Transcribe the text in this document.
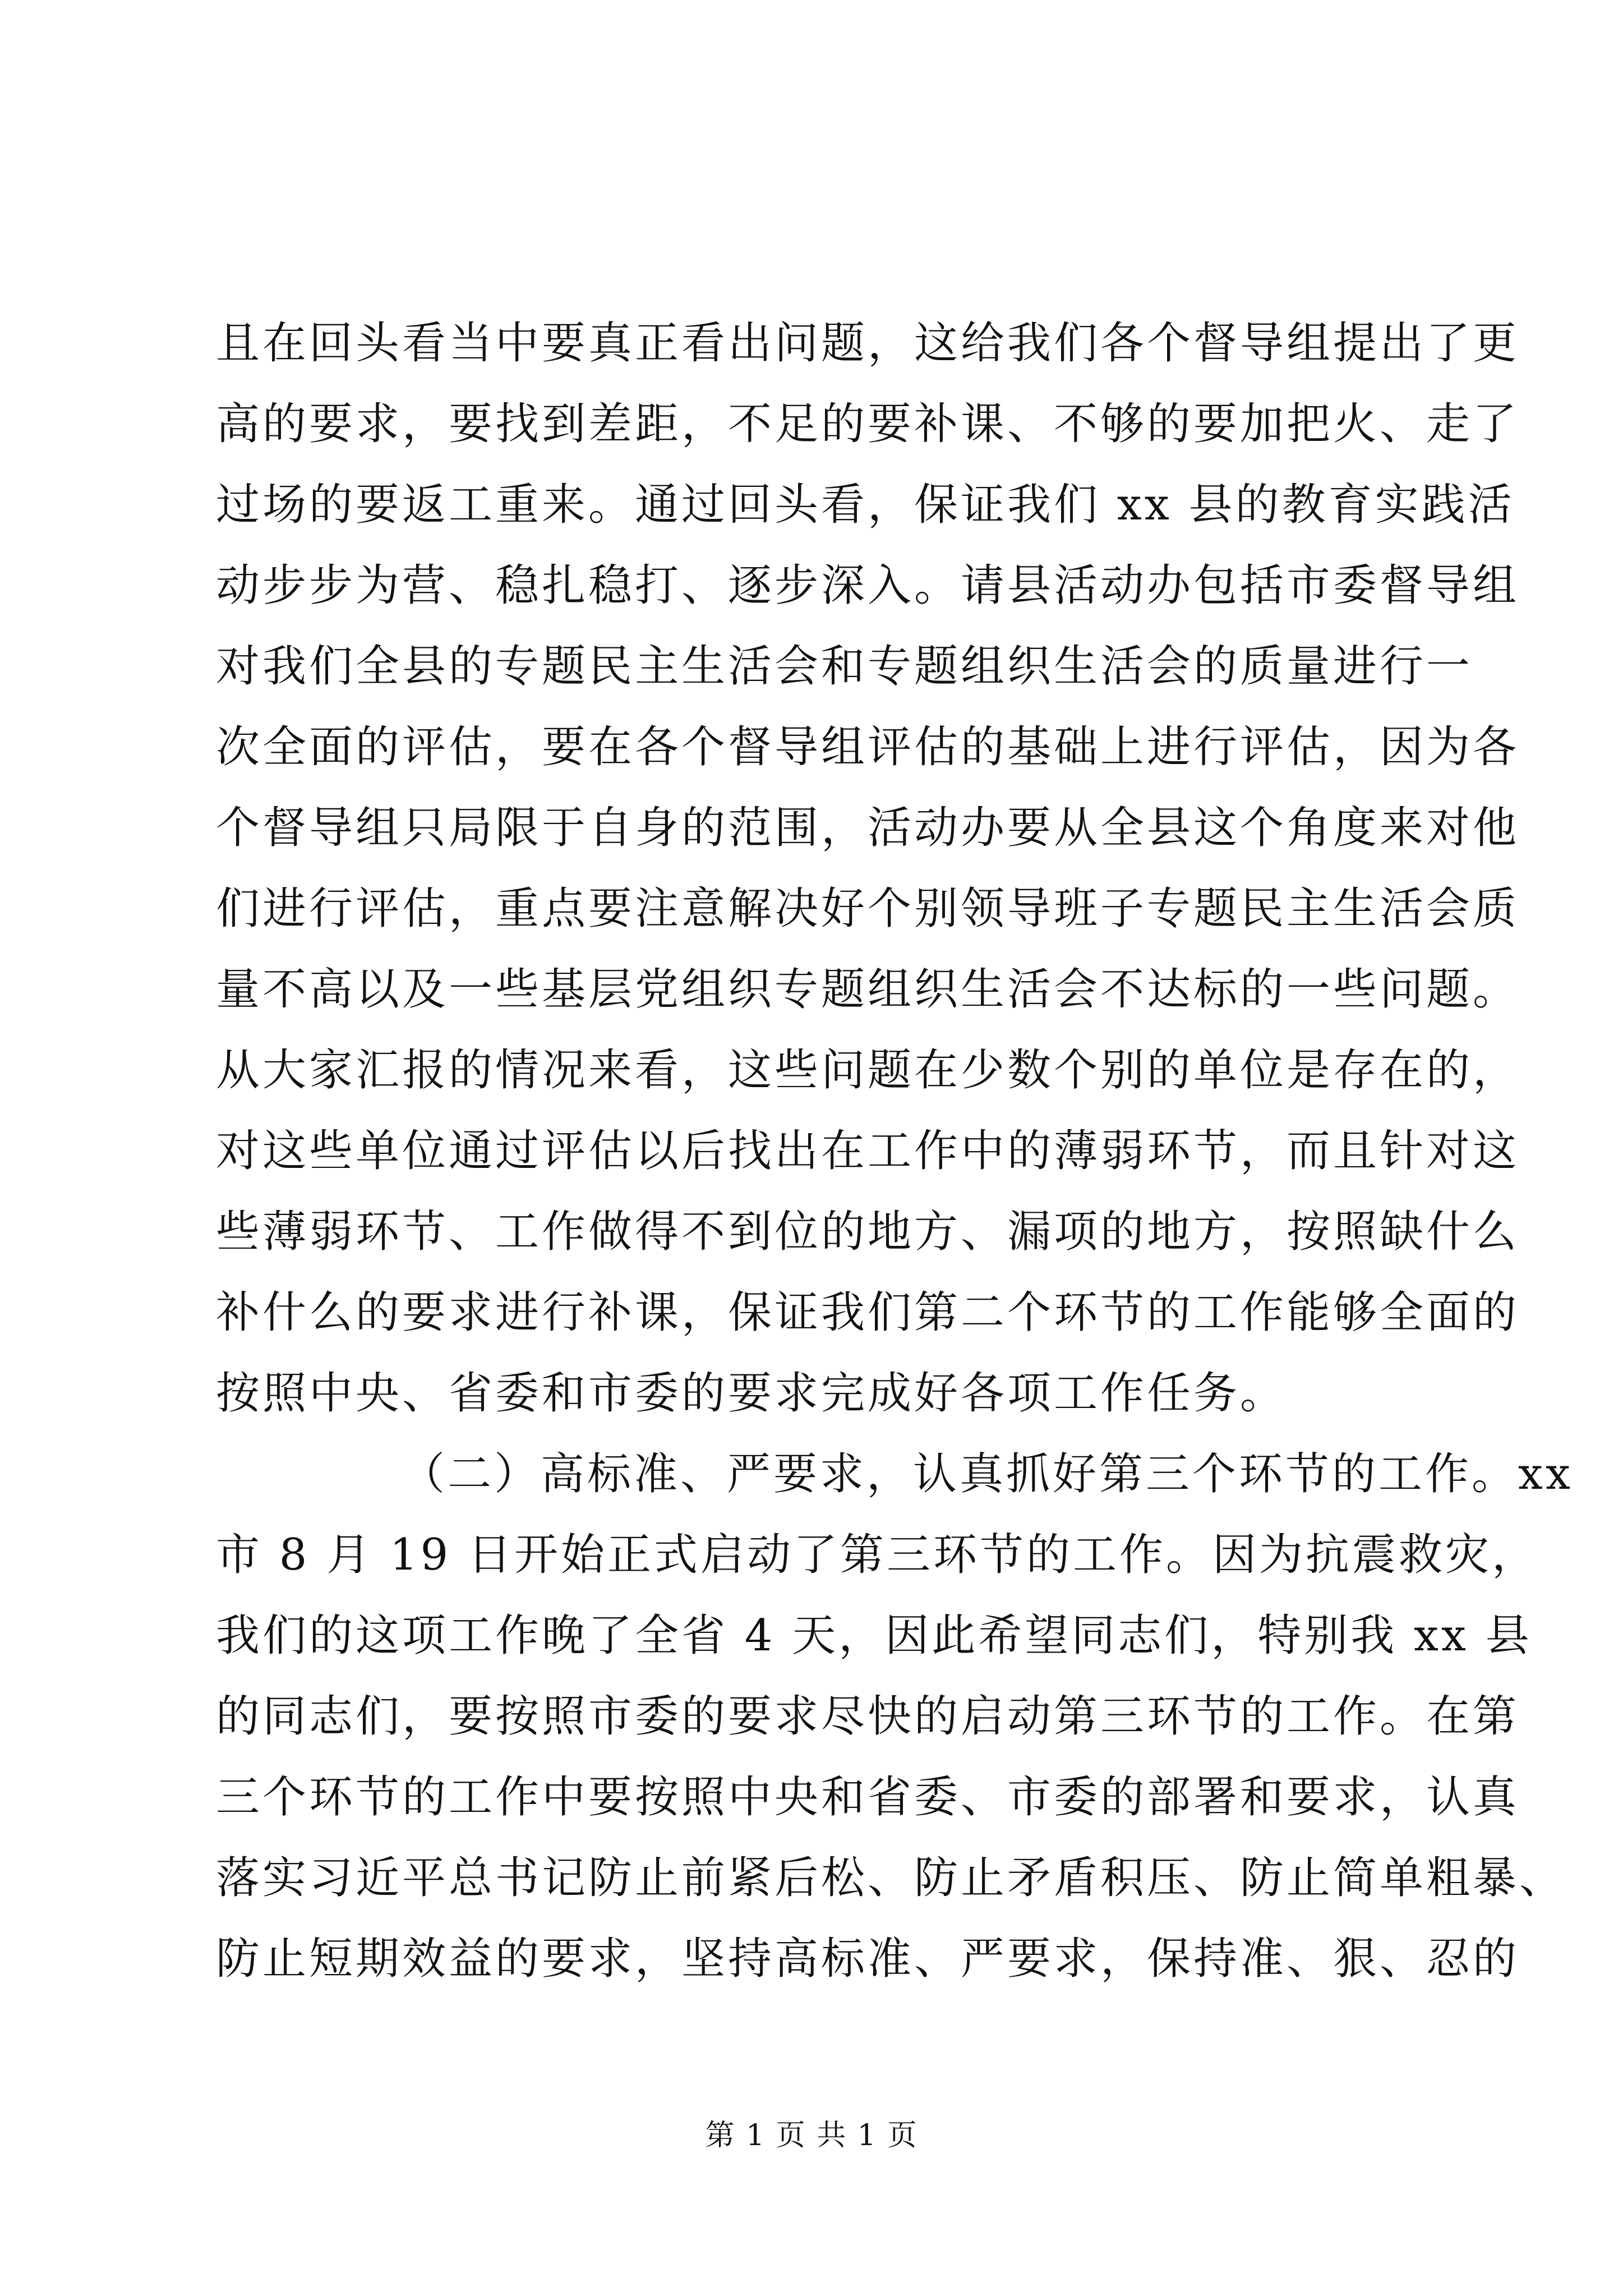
且在回头看当中要真正看出问题，这给我们各个督导组提出了更
高的要求，要找到差距，不足的要补课、不够的要加把火、走了
过场的要返工重来。通过回头看，保证我们 xx 县的教育实践活
动步步为营、稳扎稳打、逐步深入。请县活动办包括市委督导组
对我们全县的专题民主生活会和专题组织生活会的质量进行一
次全面的评估，要在各个督导组评估的基础上进行评估，因为各
个督导组只局限于自身的范围，活动办要从全县这个角度来对他
们进行评估，重点要注意解决好个别领导班子专题民主生活会质
量不高以及一些基层党组织专题组织生活会不达标的一些问题。
从大家汇报的情况来看，这些问题在少数个别的单位是存在的，
对这些单位通过评估以后找出在工作中的薄弱环节，而且针对这
些薄弱环节、工作做得不到位的地方、漏项的地方，按照缺什么
补什么的要求进行补课，保证我们第二个环节的工作能够全面的
按照中央、省委和市委的要求完成好各项工作任务。
（二）高标准、严要求，认真抓好第三个环节的工作。xx
市 8 月 19 日开始正式启动了第三环节的工作。因为抗震救灾，
我们的这项工作晚了全省 4 天，因此希望同志们，特别我 xx 县
的同志们，要按照市委的要求尽快的启动第三环节的工作。在第
三个环节的工作中要按照中央和省委、市委的部署和要求，认真
落实习近平总书记防止前紧后松、防止矛盾积压、防止简单粗暴、
防止短期效益的要求，坚持高标准、严要求，保持准、狠、忍的
第 1 页 共 1 页
